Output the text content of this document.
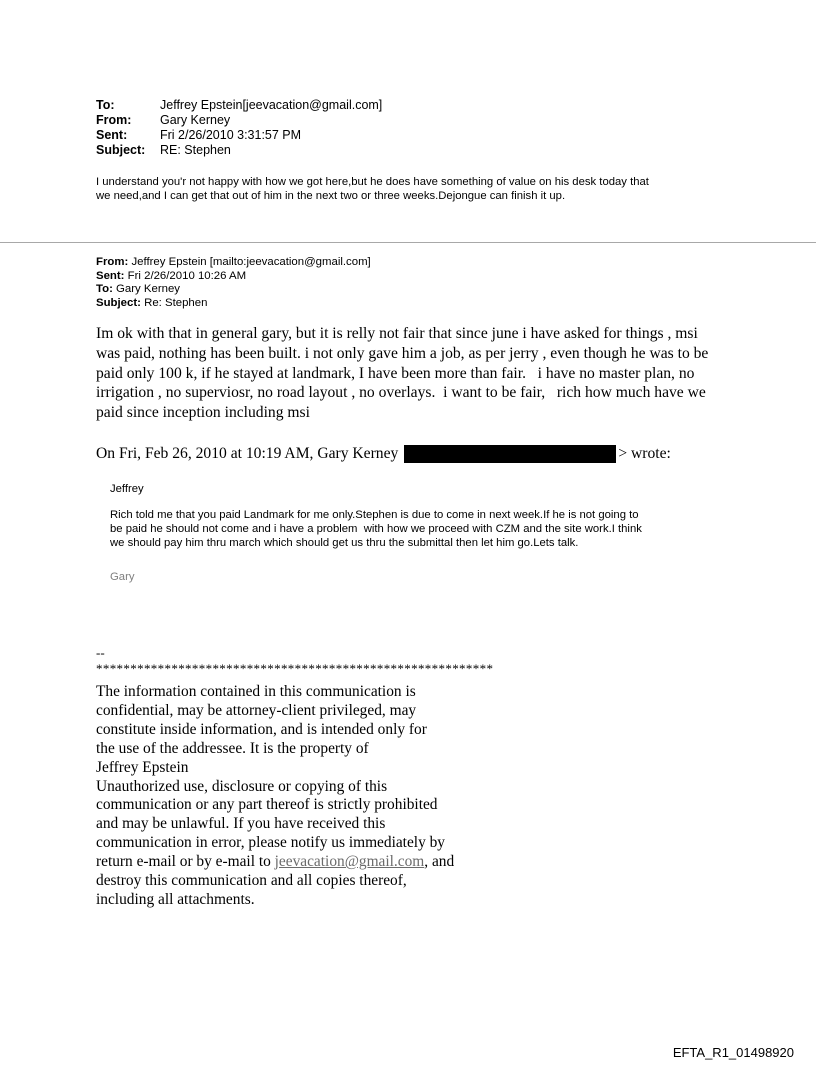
To:	Jeffrey Epstein[jeevacation@gmail.com]
From:	Gary Kerney
Sent:	Fri 2/26/2010 3:31:57 PM
Subject:	RE: Stephen
I understand you'r not happy with how we got here,but he does have something of value on his desk today that
we need,and I can get that out of him in the next two or three weeks.Dejongue can finish it up.
From: Jeffrey Epstein [mailto:jeevacation@gmail.com]
Sent: Fri 2/26/2010 10:26 AM
To: Gary Kerney
Subject: Re: Stephen
Im ok with that in general gary, but it is relly not fair that since june i have asked for things , msi
was paid, nothing has been built. i not only gave him a job, as per jerry , even though he was to be
paid only 100 k, if he stayed at landmark, I have been more than fair.   i have no master plan, no
irrigation , no superviosr, no road layout , no overlays.  i want to be fair,   rich how much have we
paid since inception including msi
On Fri, Feb 26, 2010 at 10:19 AM, Gary Kerney	> wrote:
Jeffrey
Rich told me that you paid Landmark for me only.Stephen is due to come in next week.If he is not going to
be paid he should not come and i have a problem  with how we proceed with CZM and the site work.I think
we should pay him thru march which should get us thru the submittal then let him go.Lets talk.
Gary
--
**********************************************************
The information contained in this communication is
confidential, may be attorney-client privileged, may
constitute inside information, and is intended only for
the use of the addressee. It is the property of
Jeffrey Epstein
Unauthorized use, disclosure or copying of this
communication or any part thereof is strictly prohibited
and may be unlawful. If you have received this
communication in error, please notify us immediately by
return e-mail or by e-mail to jeevacation@gmail.com, and
destroy this communication and all copies thereof,
including all attachments.
EFTA_R1_01498920
